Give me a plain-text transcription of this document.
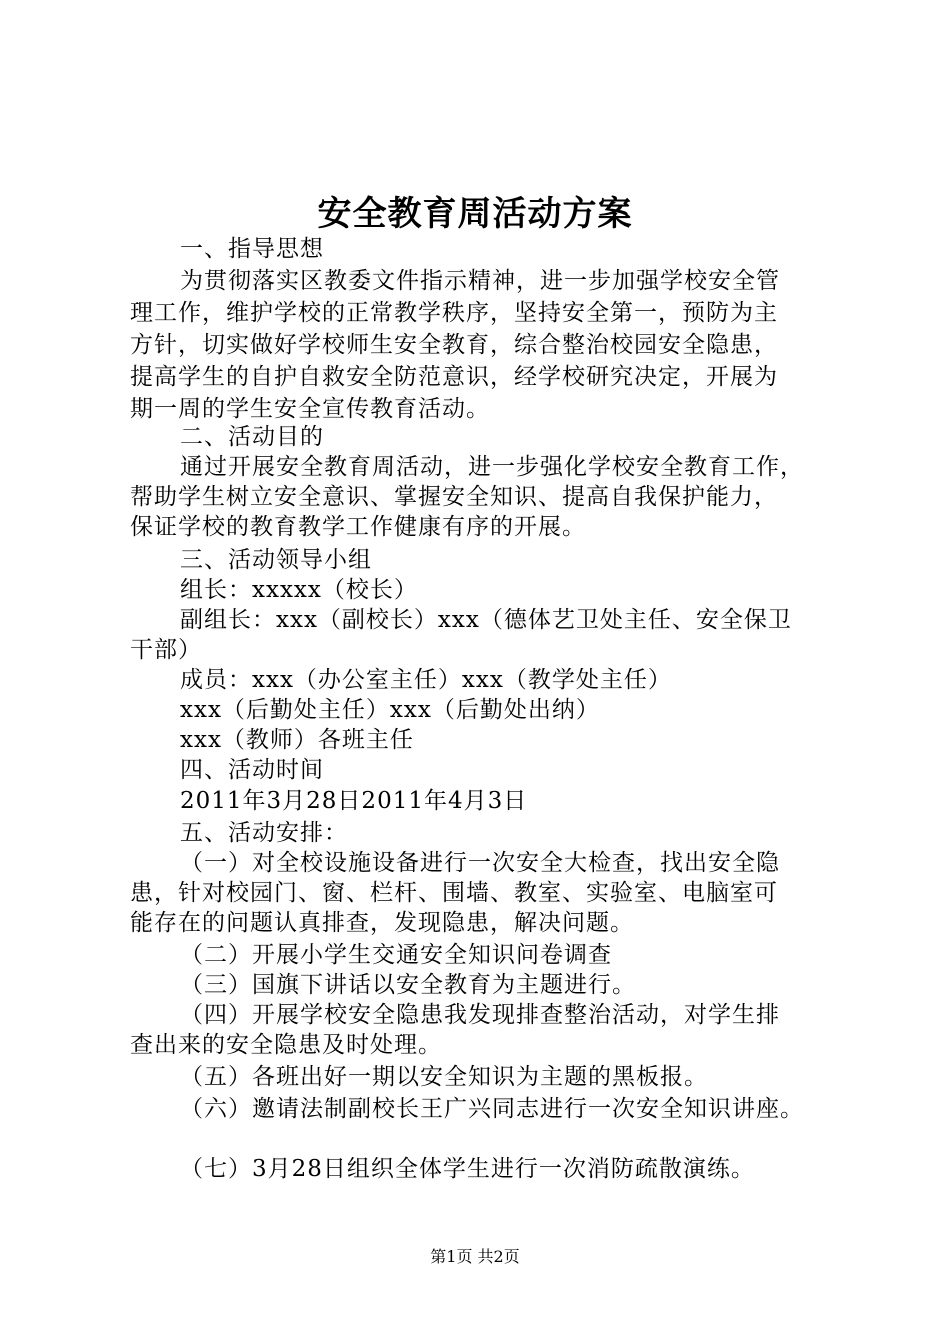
安全教育周活动方案
一、指导思想
为贯彻落实区教委文件指示精神，进一步加强学校安全管
理工作，维护学校的正常教学秩序，坚持安全第一，预防为主
方针，切实做好学校师生安全教育，综合整治校园安全隐患，
提高学生的自护自救安全防范意识，经学校研究决定，开展为
期一周的学生安全宣传教育活动。
二、活动目的
通过开展安全教育周活动，进一步强化学校安全教育工作，
帮助学生树立安全意识、掌握安全知识、提高自我保护能力，
保证学校的教育教学工作健康有序的开展。
三、活动领导小组
组长：xxxxx（校长）
副组长：xxx（副校长）xxx（德体艺卫处主任、安全保卫
干部）
成员：xxx（办公室主任）xxx（教学处主任）
xxx（后勤处主任）xxx（后勤处出纳）
xxx（教师）各班主任
四、活动时间
2011年3月28日2011年4月3日
五、活动安排：
（一）对全校设施设备进行一次安全大检查，找出安全隐
患，针对校园门、窗、栏杆、围墙、教室、实验室、电脑室可
能存在的问题认真排查，发现隐患，解决问题。
（二）开展小学生交通安全知识问卷调查
（三）国旗下讲话以安全教育为主题进行。
（四）开展学校安全隐患我发现排查整治活动，对学生排
查出来的安全隐患及时处理。
（五）各班出好一期以安全知识为主题的黑板报。
（六）邀请法制副校长王广兴同志进行一次安全知识讲座。
（七）3月28日组织全体学生进行一次消防疏散演练。
第1页 共2页
